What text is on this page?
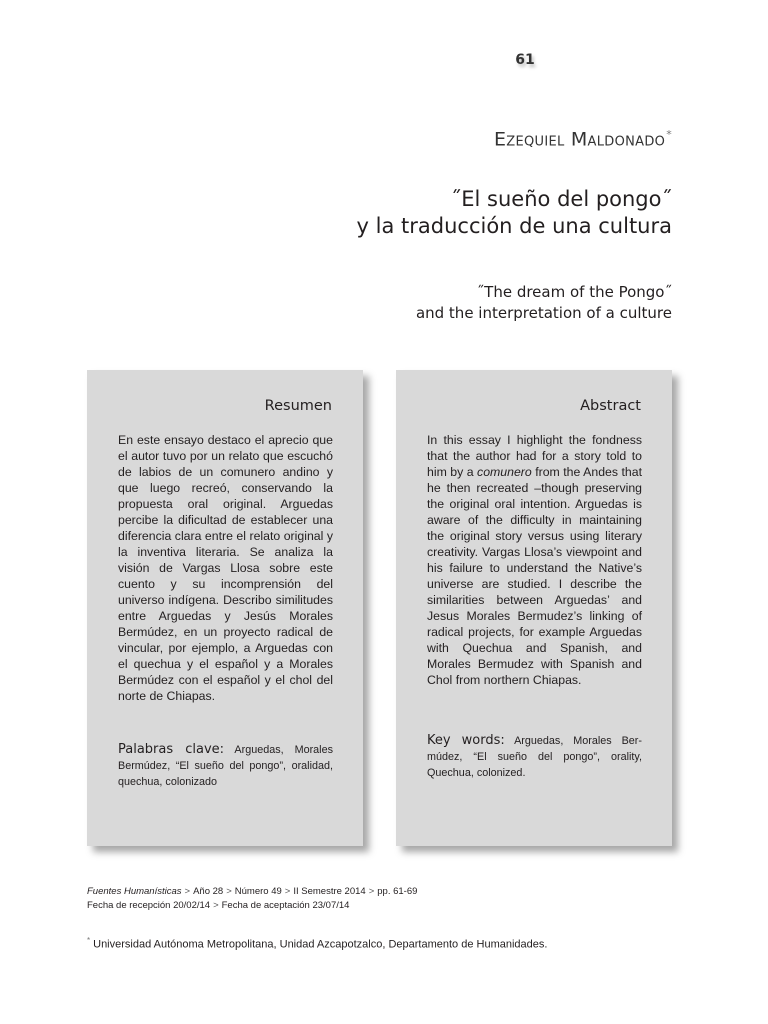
61
Ezequiel Maldonado*
˝El sueño del pongo˝
y la traducción de una cultura
˝The dream of the Pongo˝
and the interpretation of a culture
Resumen

En este ensayo destaco el aprecio que el autor tuvo por un relato que escuchó de labios de un comunero andino y que luego recreó, conservando la propuesta oral original. Arguedas percibe la dificultad de establecer una diferencia clara entre el relato original y la inventiva literaria. Se analiza la visión de Vargas Llosa sobre este cuento y su incomprensión del universo indígena. Describo similitudes entre Arguedas y Jesús Morales Bermúdez, en un proyecto radical de vincular, por ejemplo, a Arguedas con el quechua y el español y a Morales Bermúdez con el español y el chol del norte de Chiapas.

Palabras clave: Arguedas, Morales Bermúdez, “El sueño del pongo”, oralidad, quechua, colonizado
Abstract

In this essay I highlight the fondness that the author had for a story told to him by a comunero from the Andes that he then recreated –though preserving the original oral intention. Arguedas is aware of the difficulty in maintaining the original story versus using literary creativity. Vargas Llosa’s viewpoint and his failure to understand the Native’s universe are studied. I describe the similarities between Arguedas’ and Jesus Morales Bermudez’s linking of radical projects, for example Arguedas with Quechua and Spanish, and Morales Bermudez with Spanish and Chol from northern Chiapas.

Key words: Arguedas, Morales Bermúdez, “El sueño del pongo”, orality, Quechua, colonized.
Fuentes Humanísticas > Año 28 > Número 49 > II Semestre 2014 > pp. 61-69
Fecha de recepción 20/02/14 > Fecha de aceptación 23/07/14
* Universidad Autónoma Metropolitana, Unidad Azcapotzalco, Departamento de Humanidades.
